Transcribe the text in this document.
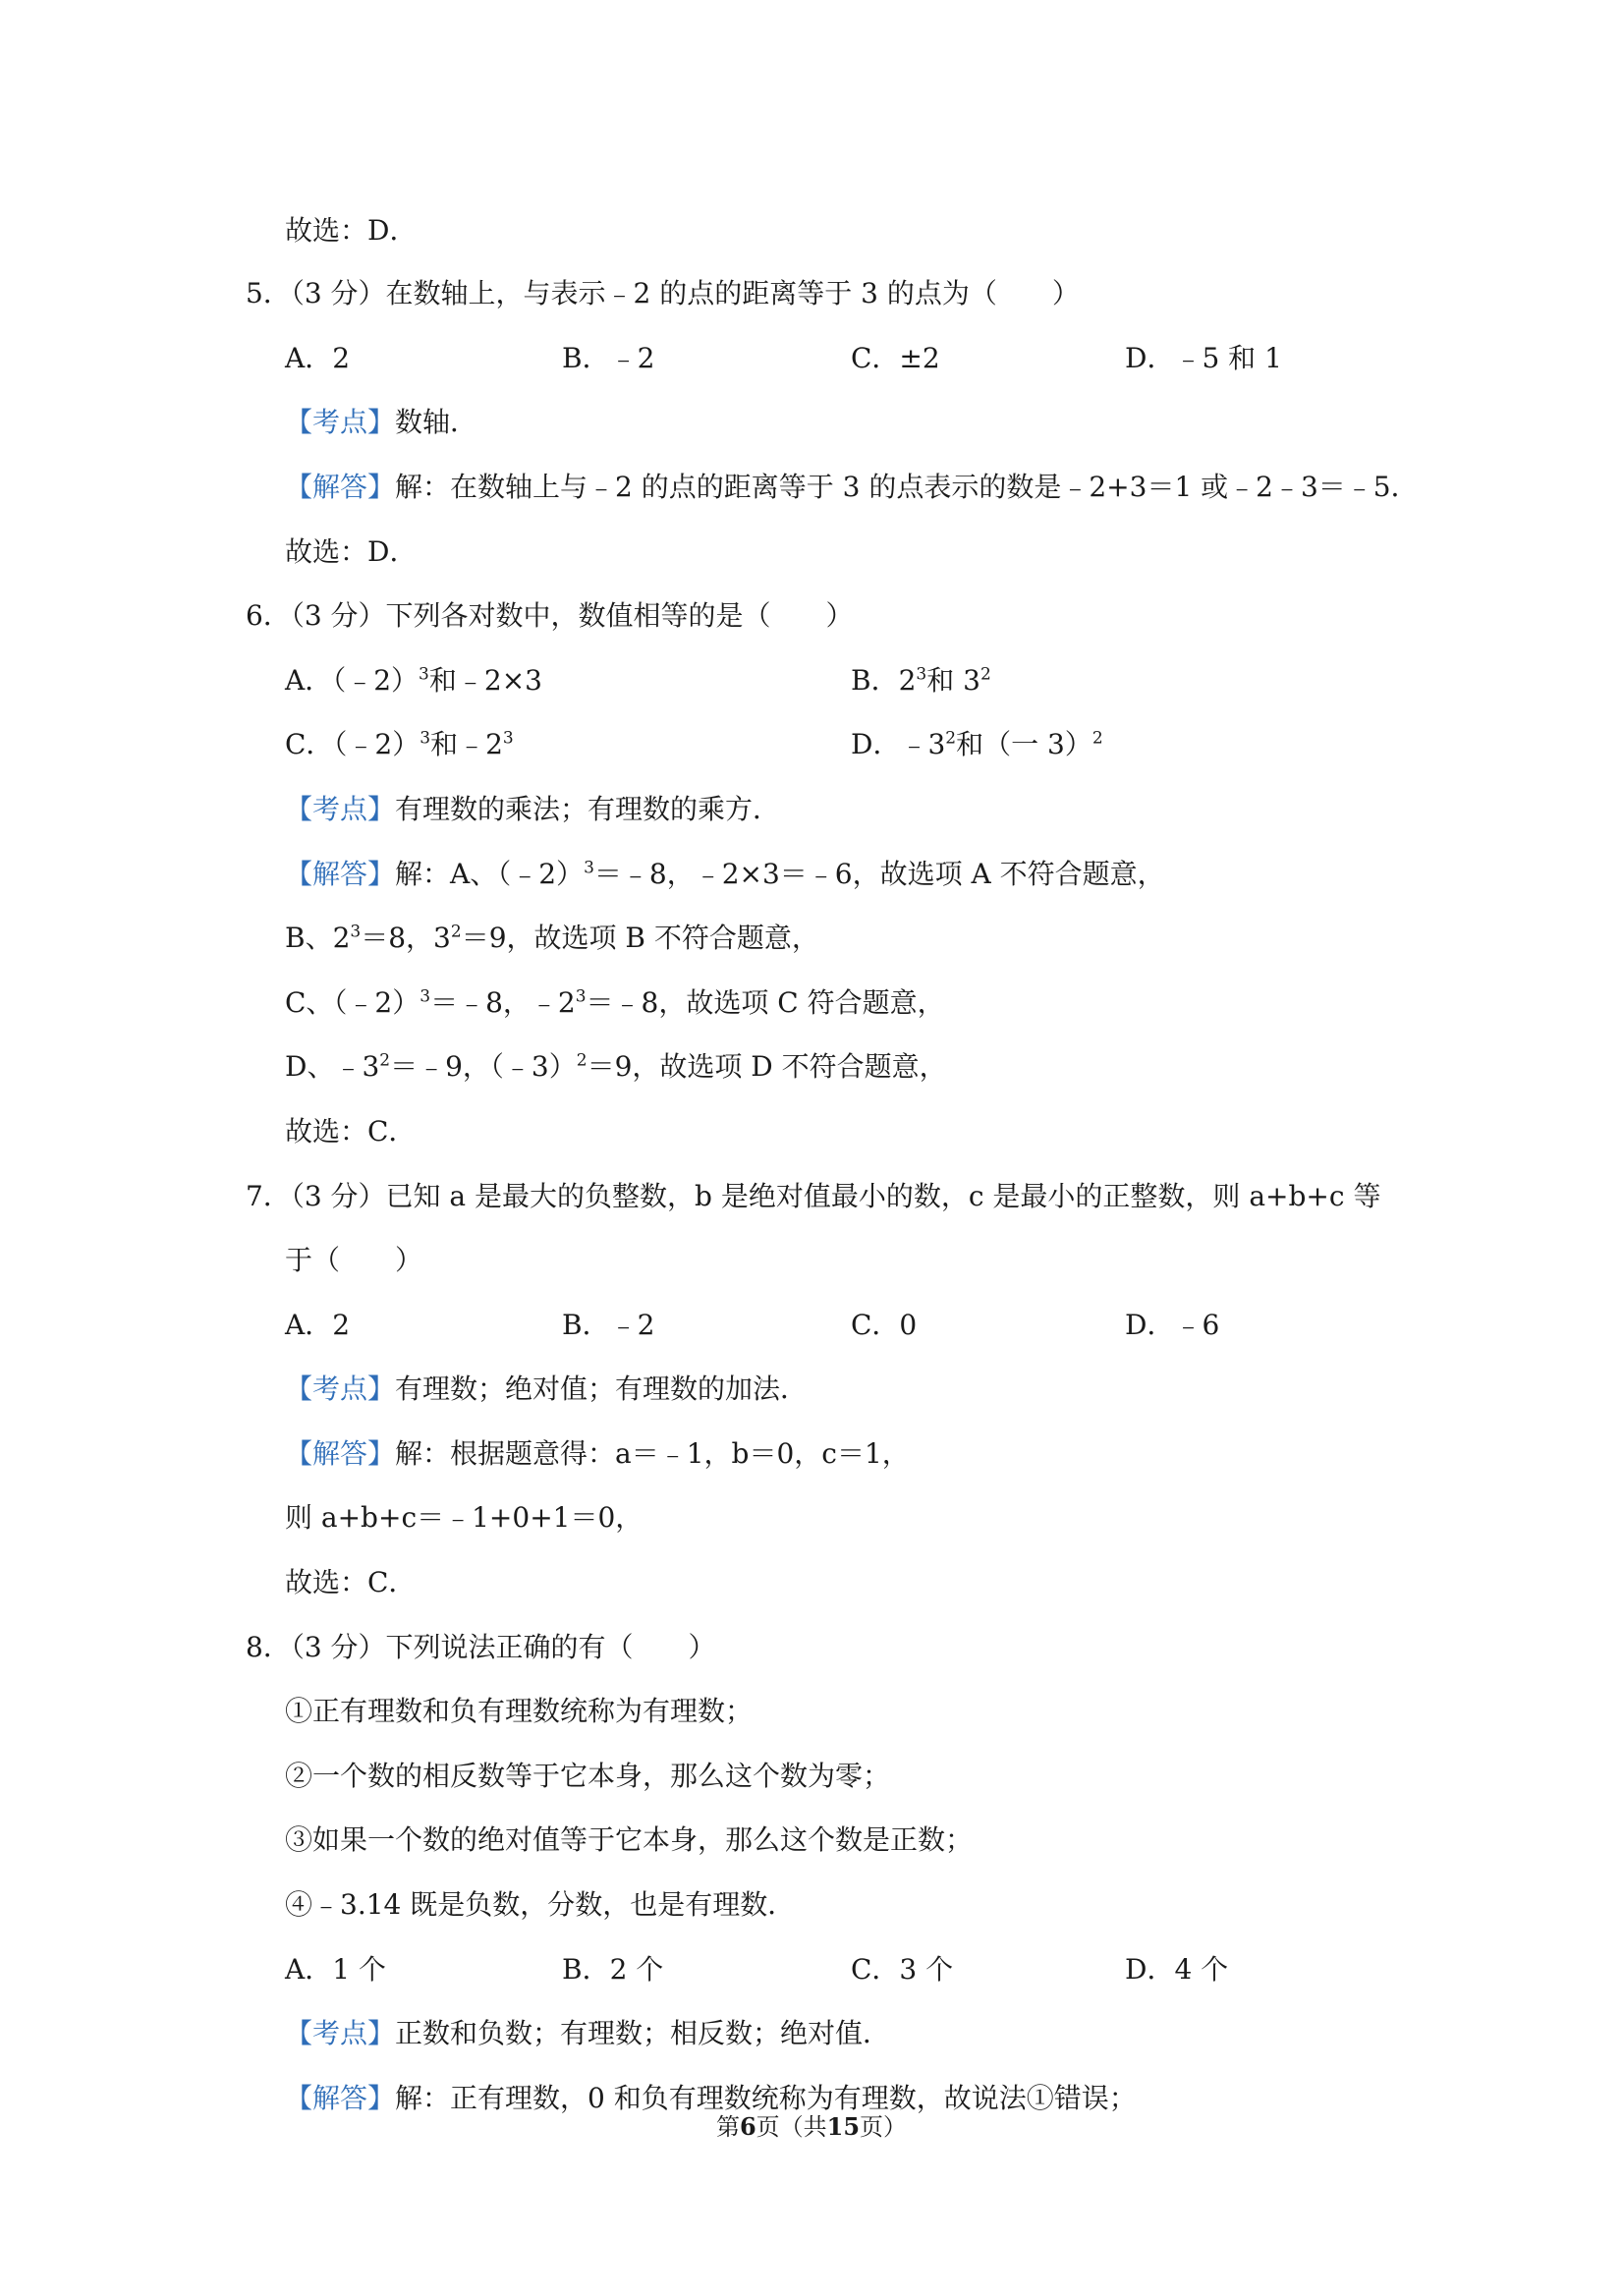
故选：D．
5．（3 分）在数轴上，与表示﹣2 的点的距离等于 3 的点为（　　）
A．2	B．﹣2	C．±2	D．﹣5 和 1
【考点】数轴．
【解答】解：在数轴上与﹣2 的点的距离等于 3 的点表示的数是﹣2+3＝1 或﹣2﹣3＝﹣5．
故选：D．
6．（3 分）下列各对数中，数值相等的是（　　）
A．（﹣2）$^3$和﹣2×3	B．$2^3$和 $3^2$
C．（﹣2）$^3$和$﹣2^3$	D．$﹣3^2$和（一 3）$^2$
【考点】有理数的乘法；有理数的乘方．
【解答】解：A、（﹣2）$^3$＝﹣8，﹣2×3＝﹣6，故选项 A 不符合题意，
B、$2^3=8$，$3^2=9$，故选项 B 不符合题意，
C、（﹣2）$^3$＝﹣8，$﹣2^3=﹣8$，故选项 C 符合题意，
D、$﹣3^2=﹣9$，（﹣3）$^2$＝9，故选项 D 不符合题意，
故选：C．
7．（3 分）已知 a 是最大的负整数，b 是绝对值最小的数，c 是最小的正整数，则 a+b+c 等
于（　　）
A．2	B．﹣2	C．0	D．﹣6
【考点】有理数；绝对值；有理数的加法．
【解答】解：根据题意得：a＝﹣1，b＝0，c＝1，
则 a+b+c＝﹣1+0+1＝0，
故选：C．
8．（3 分）下列说法正确的有（　　）
①正有理数和负有理数统称为有理数；
②一个数的相反数等于它本身，那么这个数为零；
③如果一个数的绝对值等于它本身，那么这个数是正数；
④﹣3.14 既是负数，分数，也是有理数．
A．1 个	B．2 个	C．3 个	D．4 个
【考点】正数和负数；有理数；相反数；绝对值．
【解答】解：正有理数，0 和负有理数统称为有理数，故说法①错误；
第6页（共15页）
